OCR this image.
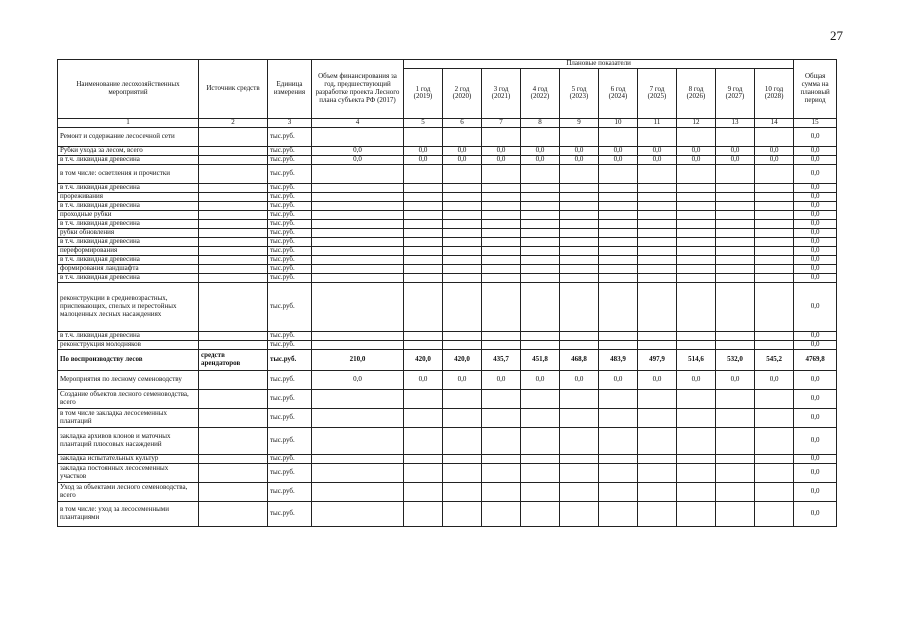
27
Наименование лесохозяйственных мероприятий	Источник средств	Единица измерения	Объем финансирования за год, предшествующий разработке проекта Лесного плана субъекта РФ (2017)	Плановые показатели										Общая сумма на плановый период
				1 год (2019)	2 год (2020)	3 год (2021)	4 год (2022)	5 год (2023)	6 год (2024)	7 год (2025)	8 год (2026)	9 год (2027)	10 год (2028)	
1	2	3	4	5	6	7	8	9	10	11	12	13	14	15
Ремонт и содержание лесосечной сети		тыс.руб.												0,0
Рубки ухода за лесом, всего		тыс.руб.	0,0	0,0	0,0	0,0	0,0	0,0	0,0	0,0	0,0	0,0	0,0	0,0
в т.ч. ликвидная древесина		тыс.руб.	0,0	0,0	0,0	0,0	0,0	0,0	0,0	0,0	0,0	0,0	0,0	0,0
в том числе: осветления и прочистки		тыс.руб.												0,0
в т.ч. ликвидная древесина		тыс.руб.												0,0
прореживания		тыс.руб.												0,0
в т.ч. ликвидная древесина		тыс.руб.												0,0
проходные рубки		тыс.руб.												0,0
в т.ч. ликвидная древесина		тыс.руб.												0,0
рубки обновления		тыс.руб.												0,0
в т.ч. ликвидная древесина		тыс.руб.												0,0
переформирования		тыс.руб.												0,0
в т.ч. ликвидная древесина		тыс.руб.												0,0
формирования ландшафта		тыс.руб.												0,0
в т.ч. ликвидная древесина		тыс.руб.												0,0
реконструкции в средневозрастных, приспевающих, спелых и перестойных малоценных лесных насаждениях		тыс.руб.												0,0
в т.ч. ликвидная древесина		тыс.руб.												0,0
реконструкция молодняков		тыс.руб.												0,0
По воспроизводству лесов	средств арендаторов	тыс.руб.	210,0	420,0	420,0	435,7	451,8	468,8	483,9	497,9	514,6	532,0	545,2	4769,8
Мероприятия по лесному семеноводству		тыс.руб.	0,0	0,0	0,0	0,0	0,0	0,0	0,0	0,0	0,0	0,0	0,0	0,0
Создание объектов лесного семеноводства, всего		тыс.руб.												0,0
в том числе закладка лесосеменных плантаций		тыс.руб.												0,0
закладка архивов клонов и маточных плантаций плюсовых насаждений		тыс.руб.												0,0
закладка испытательных культур		тыс.руб.												0,0
закладка постоянных лесосеменных участков		тыс.руб.												0,0
Уход за объектами лесного семеноводства, всего		тыс.руб.												0,0
в том числе: уход за лесосеменными плантациями		тыс.руб.												0,0
